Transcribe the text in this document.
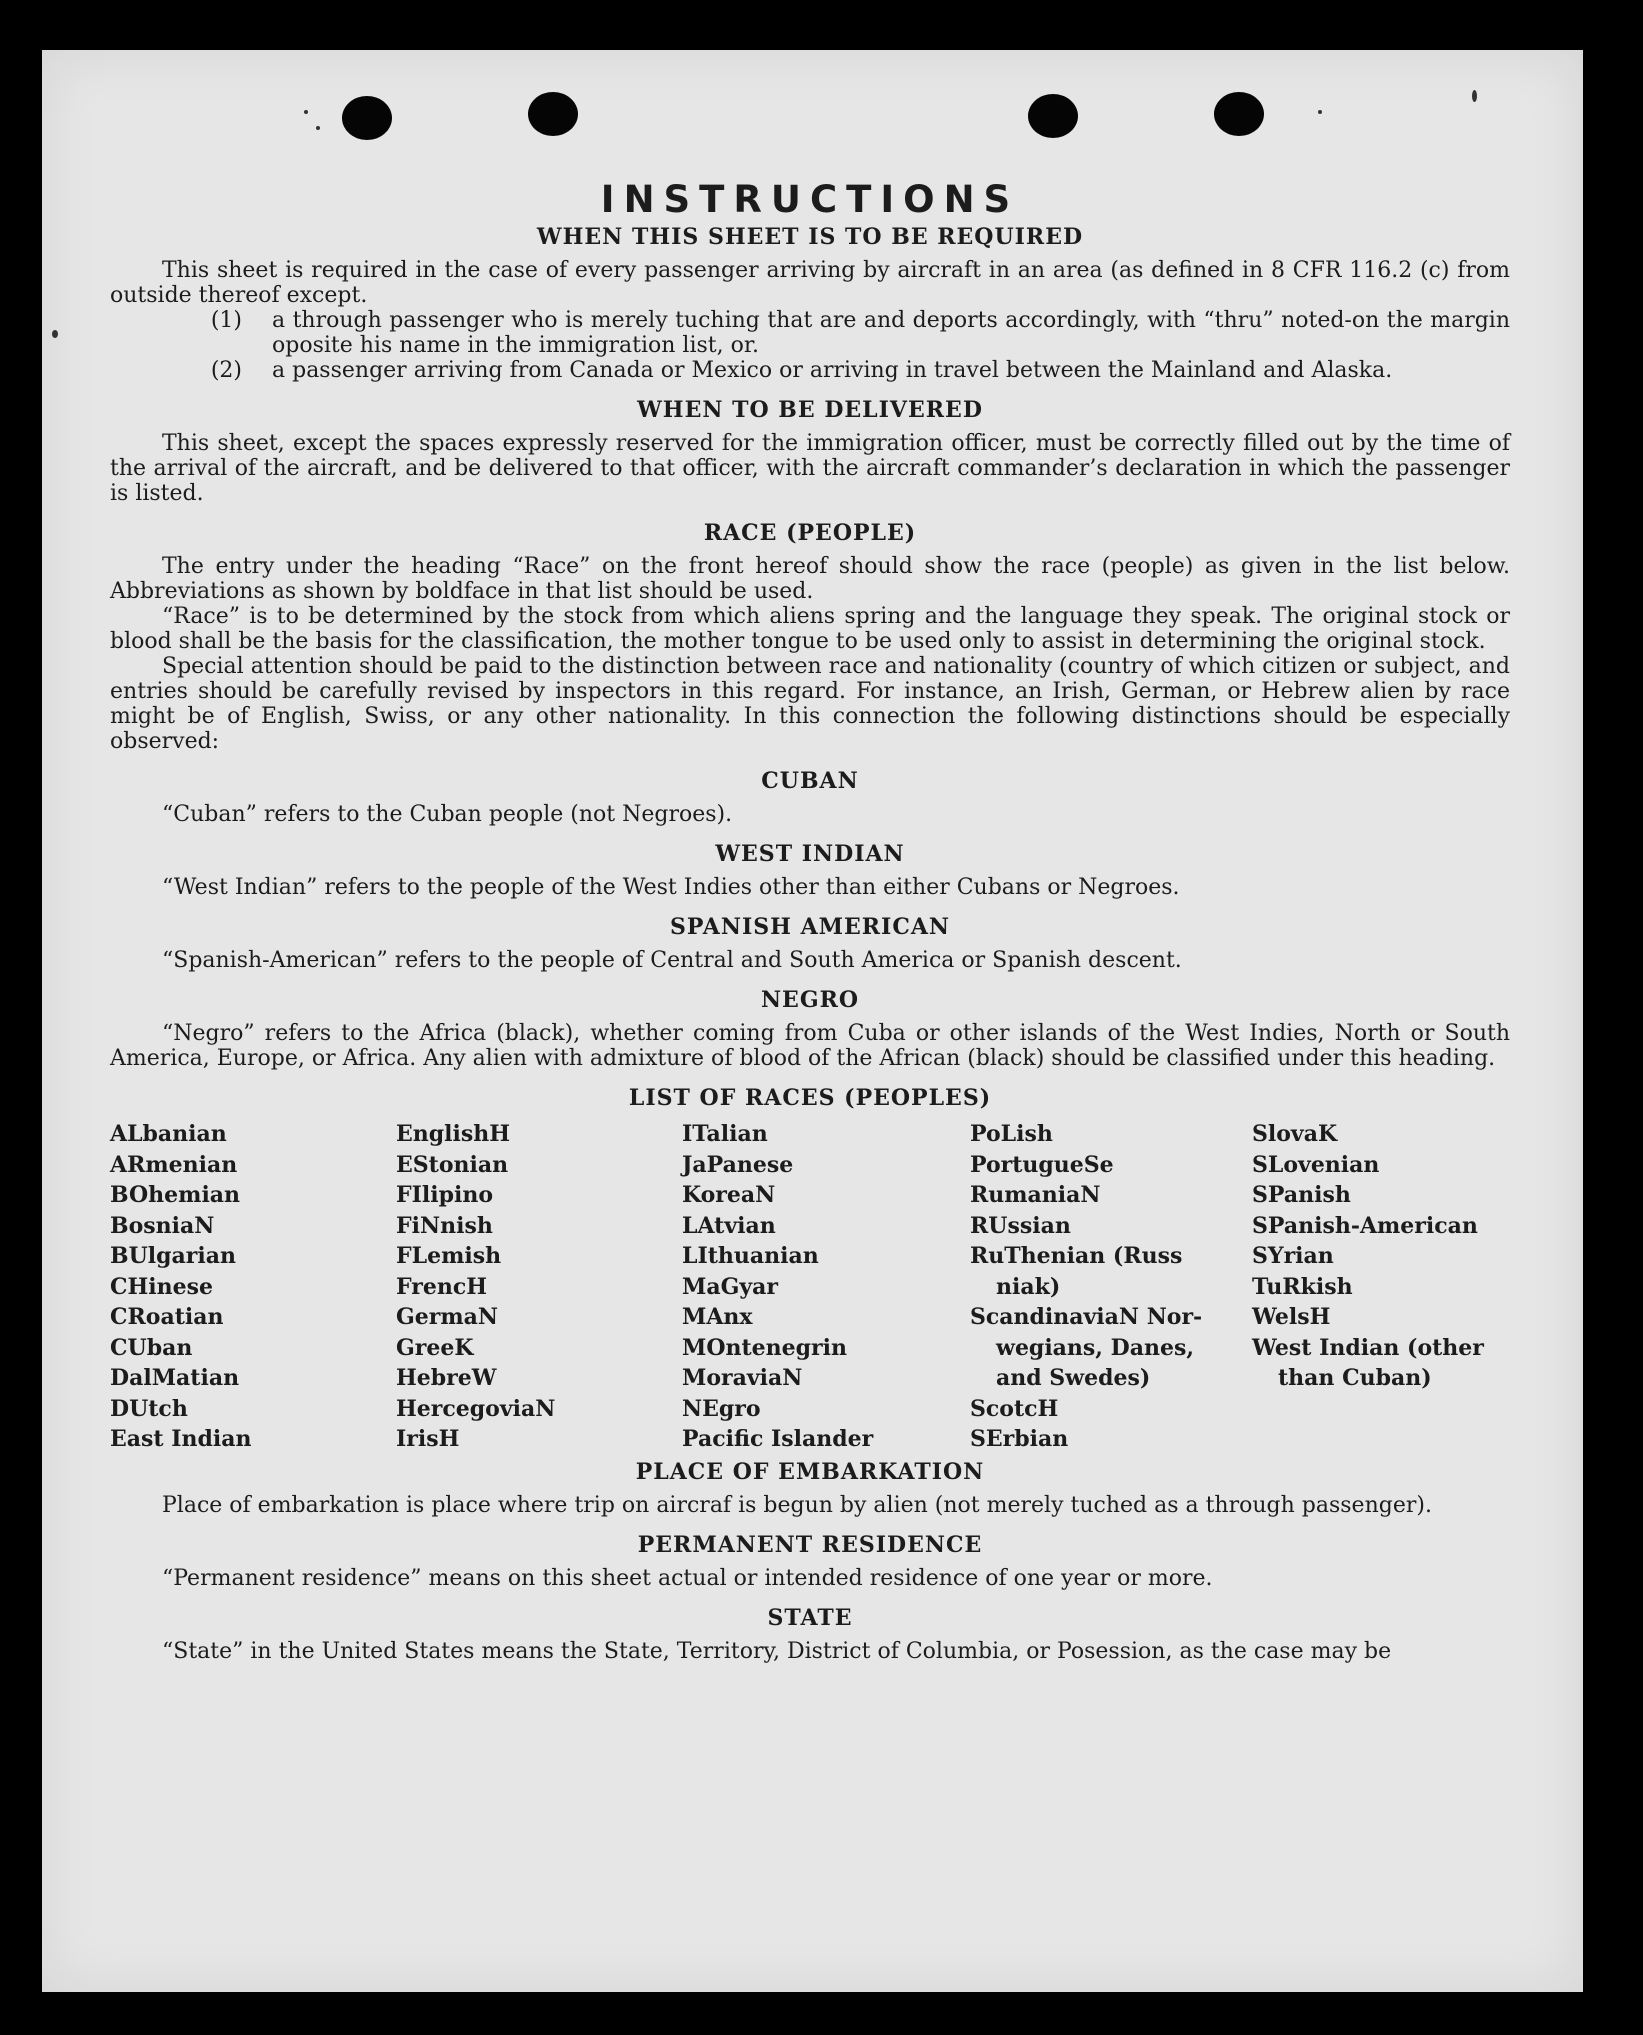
INSTRUCTIONS
WHEN THIS SHEET IS TO BE REQUIRED

This sheet is required in the case of every passenger arriving by aircraft in an area (as defined in 8 CFR 116.2 (c) from outside thereof except.

(1)	a through passenger who is merely tuching that are and deports accordingly, with “thru” noted-on the margin oposite his name in the immigration list, or.
(2)	a passenger arriving from Canada or Mexico or arriving in travel between the Mainland and Alaska.
WHEN TO BE DELIVERED

This sheet, except the spaces expressly reserved for the immigration officer, must be correctly filled out by the time of the arrival of the aircraft, and be delivered to that officer, with the aircraft commander’s declaration in which the passenger is listed.

RACE (PEOPLE)

The entry under the heading “Race” on the front hereof should show the race (people) as given in the list below. Abbreviations as shown by boldface in that list should be used.

“Race” is to be determined by the stock from which aliens spring and the language they speak. The original stock or blood shall be the basis for the classification, the mother tongue to be used only to assist in determining the original stock.

Special attention should be paid to the distinction between race and nationality (country of which citizen or subject, and entries should be carefully revised by inspectors in this regard. For instance, an Irish, German, or Hebrew alien by race might be of English, Swiss, or any other nationality. In this connection the following distinctions should be especially observed:

CUBAN

“Cuban” refers to the Cuban people (not Negroes).

WEST INDIAN

“West Indian” refers to the people of the West Indies other than either Cubans or Negroes.

SPANISH AMERICAN

“Spanish-American” refers to the people of Central and South America or Spanish descent.

NEGRO

“Negro” refers to the Africa (black), whether coming from Cuba or other islands of the West Indies, North or South America, Europe, or Africa. Any alien with admixture of blood of the African (black) should be classified under this heading.

LIST OF RACES (PEOPLES)
ALbanian
ARmenian
BOhemian
BosniaN
BUlgarian
CHinese
CRoatian
CUban
DalMatian
DUtch
East Indian
EnglishH
EStonian
FIlipino
FiNnish
FLemish
FrencH
GermaN
GreeK
HebreW
HercegoviaN
IrisH
ITalian
JaPanese
KoreaN
LAtvian
LIthuanian
MaGyar
MAnx
MOntenegrin
MoraviaN
NEgro
Pacific Islander
PoLish
PortugueSe
RumaniaN
RUssian
RuThenian (Russ
niak)
ScandinaviaN Nor-
wegians, Danes,
and Swedes)
ScotcH
SErbian
SlovaK
SLovenian
SPanish
SPanish-American
SYrian
TuRkish
WelsH
West Indian (other
than Cuban)
PLACE OF EMBARKATION

Place of embarkation is place where trip on aircraf is begun by alien (not merely tuched as a through passenger).

PERMANENT RESIDENCE

“Permanent residence” means on this sheet actual or intended residence of one year or more.

STATE

“State” in the United States means the State, Territory, District of Columbia, or Posession, as the case may be
